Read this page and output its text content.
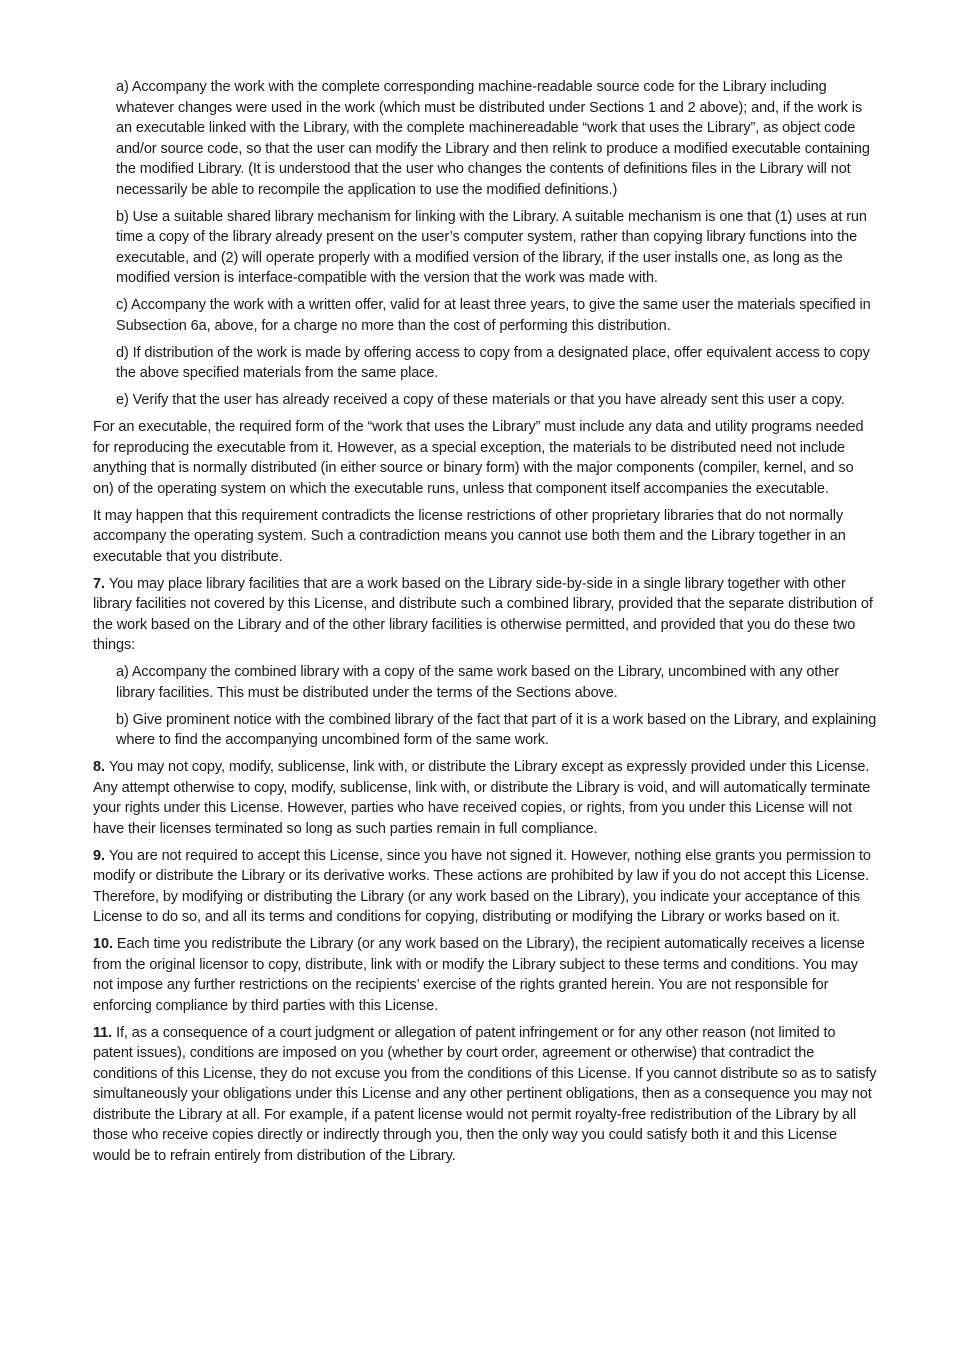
a) Accompany the work with the complete corresponding machine-readable source code for the Library including whatever changes were used in the work (which must be distributed under Sections 1 and 2 above); and, if the work is an executable linked with the Library, with the complete machinereadable “work that uses the Library”, as object code and/or source code, so that the user can modify the Library and then relink to produce a modified executable containing the modified Library. (It is understood that the user who changes the contents of definitions files in the Library will not necessarily be able to recompile the application to use the modified definitions.)

b) Use a suitable shared library mechanism for linking with the Library. A suitable mechanism is one that (1) uses at run time a copy of the library already present on the user’s computer system, rather than copying library functions into the executable, and (2) will operate properly with a modified version of the library, if the user installs one, as long as the modified version is interface-compatible with the version that the work was made with.

c) Accompany the work with a written offer, valid for at least three years, to give the same user the materials specified in Subsection 6a, above, for a charge no more than the cost of performing this distribution.

d) If distribution of the work is made by offering access to copy from a designated place, offer equivalent access to copy the above specified materials from the same place.

e) Verify that the user has already received a copy of these materials or that you have already sent this user a copy.

For an executable, the required form of the “work that uses the Library” must include any data and utility programs needed for reproducing the executable from it. However, as a special exception, the materials to be distributed need not include anything that is normally distributed (in either source or binary form) with the major components (compiler, kernel, and so on) of the operating system on which the executable runs, unless that component itself accompanies the executable.

It may happen that this requirement contradicts the license restrictions of other proprietary libraries that do not normally accompany the operating system. Such a contradiction means you cannot use both them and the Library together in an executable that you distribute.

7. You may place library facilities that are a work based on the Library side-by-side in a single library together with other library facilities not covered by this License, and distribute such a combined library, provided that the separate distribution of the work based on the Library and of the other library facilities is otherwise permitted, and provided that you do these two things:

a) Accompany the combined library with a copy of the same work based on the Library, uncombined with any other library facilities. This must be distributed under the terms of the Sections above.

b) Give prominent notice with the combined library of the fact that part of it is a work based on the Library, and explaining where to find the accompanying uncombined form of the same work.

8. You may not copy, modify, sublicense, link with, or distribute the Library except as expressly provided under this License. Any attempt otherwise to copy, modify, sublicense, link with, or distribute the Library is void, and will automatically terminate your rights under this License. However, parties who have received copies, or rights, from you under this License will not have their licenses terminated so long as such parties remain in full compliance.

9. You are not required to accept this License, since you have not signed it. However, nothing else grants you permission to modify or distribute the Library or its derivative works. These actions are prohibited by law if you do not accept this License. Therefore, by modifying or distributing the Library (or any work based on the Library), you indicate your acceptance of this License to do so, and all its terms and conditions for copying, distributing or modifying the Library or works based on it.

10. Each time you redistribute the Library (or any work based on the Library), the recipient automatically receives a license from the original licensor to copy, distribute, link with or modify the Library subject to these terms and conditions. You may not impose any further restrictions on the recipients’ exercise of the rights granted herein. You are not responsible for enforcing compliance by third parties with this License.

11. If, as a consequence of a court judgment or allegation of patent infringement or for any other reason (not limited to patent issues), conditions are imposed on you (whether by court order, agreement or otherwise) that contradict the conditions of this License, they do not excuse you from the conditions of this License. If you cannot distribute so as to satisfy simultaneously your obligations under this License and any other pertinent obligations, then as a consequence you may not distribute the Library at all. For example, if a patent license would not permit royalty-free redistribution of the Library by all those who receive copies directly or indirectly through you, then the only way you could satisfy both it and this License would be to refrain entirely from distribution of the Library.
